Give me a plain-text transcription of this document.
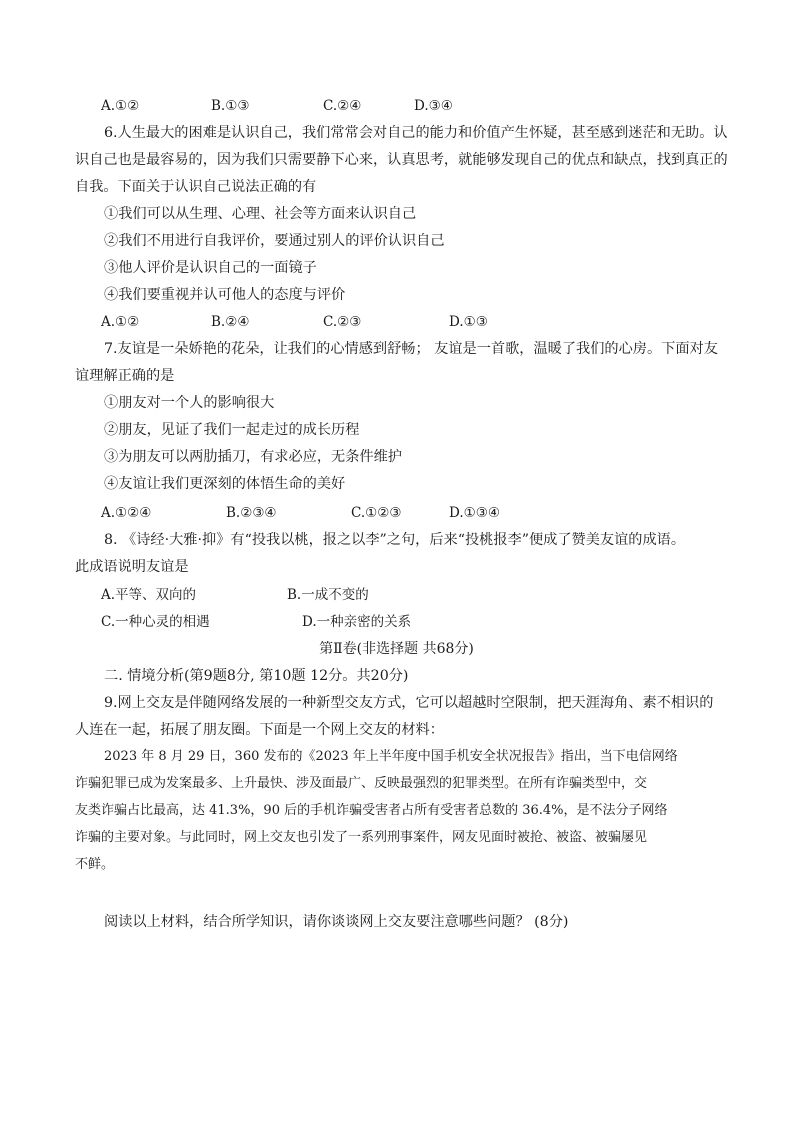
A.①②	B.①③	C.②④	D.③④
6.人生最大的困难是认识自己，我们常常会对自己的能力和价值产生怀疑，甚至感到迷茫和无助。认
识自己也是最容易的，因为我们只需要静下心来，认真思考，就能够发现自己的优点和缺点，找到真正的
自我。下面关于认识自己说法正确的有
①我们可以从生理、心理、社会等方面来认识自己
②我们不用进行自我评价，要通过别人的评价认识自己
③他人评价是认识自己的一面镜子
④我们要重视并认可他人的态度与评价
A.①②	B.②④	C.②③	D.①③
7.友谊是一朵娇艳的花朵，让我们的心情感到舒畅； 友谊是一首歌，温暖了我们的心房。下面对友
谊理解正确的是
①朋友对一个人的影响很大
②朋友，见证了我们一起走过的成长历程
③为朋友可以两肋插刀，有求必应，无条件维护
④友谊让我们更深刻的体悟生命的美好
A.①②④	B.②③④	C.①②③	D.①③④
8. 《诗经·大雅·抑》有“投我以桃，报之以李”之句，后来“投桃报李”便成了赞美友谊的成语。
此成语说明友谊是
A.平等、双向的	B.一成不变的
C.一种心灵的相遇	D.一种亲密的关系
第Ⅱ卷(非选择题 共68分)
二. 情境分析(第9题8分, 第10题 12分。共20分)
9.网上交友是伴随网络发展的一种新型交友方式，它可以超越时空限制，把天涯海角、素不相识的
人连在一起，拓展了朋友圈。下面是一个网上交友的材料：
2023 年 8 月 29 日，360 发布的《2023 年上半年度中国手机安全状况报告》指出，当下电信网络
诈骗犯罪已成为发案最多、上升最快、涉及面最广、反映最强烈的犯罪类型。在所有诈骗类型中，交
友类诈骗占比最高，达 41.3%，90 后的手机诈骗受害者占所有受害者总数的 36.4%，是不法分子网络
诈骗的主要对象。与此同时，网上交友也引发了一系列刑事案件，网友见面时被抢、被盗、被骗屡见
不鲜。
阅读以上材料，结合所学知识，请你谈谈网上交友要注意哪些问题？ (8分)
